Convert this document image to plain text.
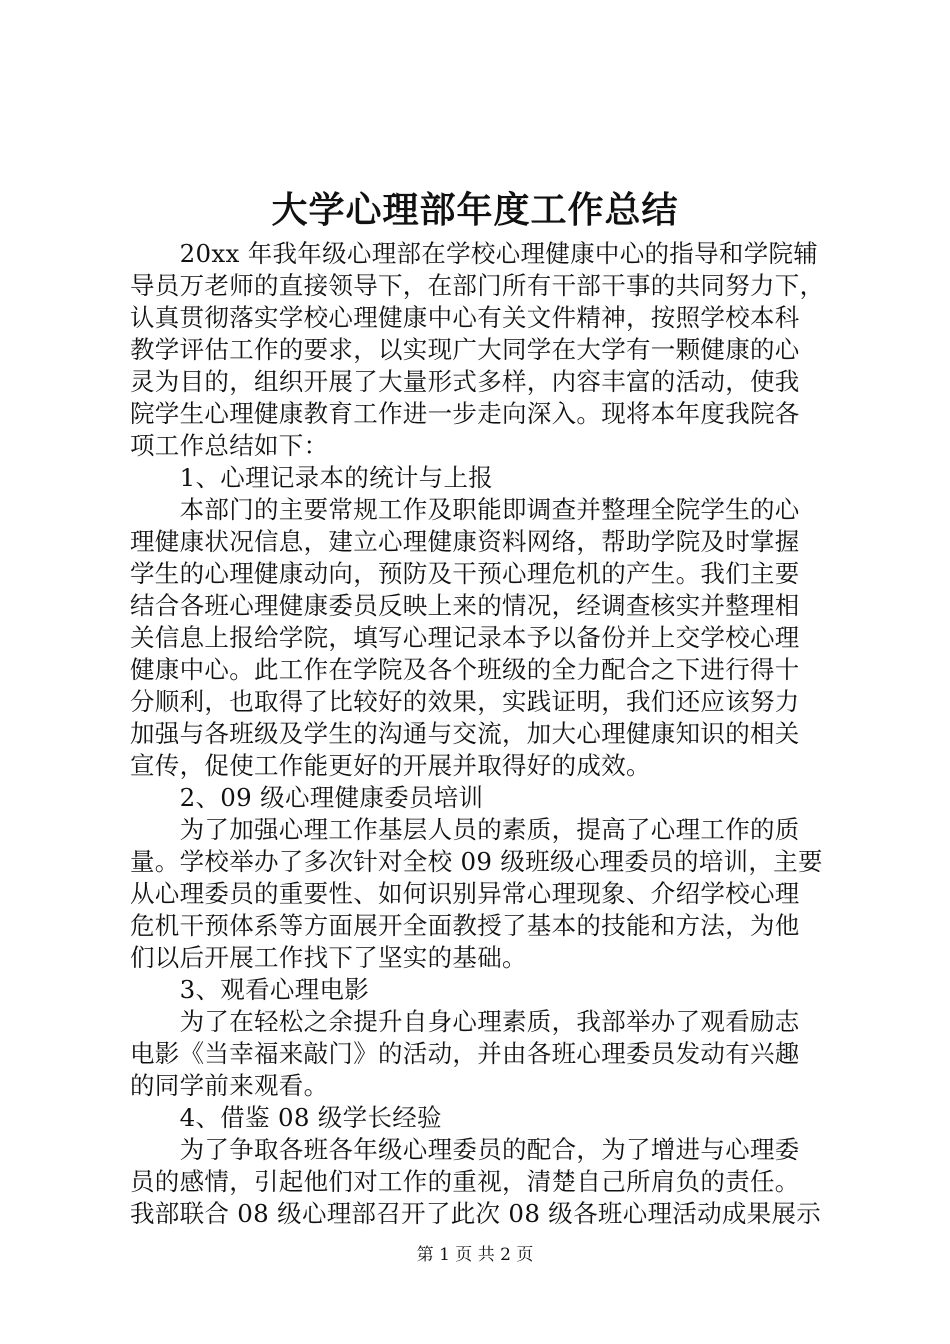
大学心理部年度工作总结
　　20xx 年我年级心理部在学校心理健康中心的指导和学院辅
导员万老师的直接领导下，在部门所有干部干事的共同努力下，
认真贯彻落实学校心理健康中心有关文件精神，按照学校本科
教学评估工作的要求，以实现广大同学在大学有一颗健康的心
灵为目的，组织开展了大量形式多样，内容丰富的活动，使我
院学生心理健康教育工作进一步走向深入。现将本年度我院各
项工作总结如下：
　　1、心理记录本的统计与上报
　　本部门的主要常规工作及职能即调查并整理全院学生的心
理健康状况信息，建立心理健康资料网络，帮助学院及时掌握
学生的心理健康动向，预防及干预心理危机的产生。我们主要
结合各班心理健康委员反映上来的情况，经调查核实并整理相
关信息上报给学院，填写心理记录本予以备份并上交学校心理
健康中心。此工作在学院及各个班级的全力配合之下进行得十
分顺利，也取得了比较好的效果，实践证明，我们还应该努力
加强与各班级及学生的沟通与交流，加大心理健康知识的相关
宣传，促使工作能更好的开展并取得好的成效。
　　2、09 级心理健康委员培训
　　为了加强心理工作基层人员的素质，提高了心理工作的质
量。学校举办了多次针对全校 09 级班级心理委员的培训，主要
从心理委员的重要性、如何识别异常心理现象、介绍学校心理
危机干预体系等方面展开全面教授了基本的技能和方法，为他
们以后开展工作找下了坚实的基础。
　　3、观看心理电影
　　为了在轻松之余提升自身心理素质，我部举办了观看励志
电影《当幸福来敲门》的活动，并由各班心理委员发动有兴趣
的同学前来观看。
　　4、借鉴 08 级学长经验
　　为了争取各班各年级心理委员的配合，为了增进与心理委
员的感情，引起他们对工作的重视，清楚自己所肩负的责任。
我部联合 08 级心理部召开了此次 08 级各班心理活动成果展示
第 1 页 共 2 页
